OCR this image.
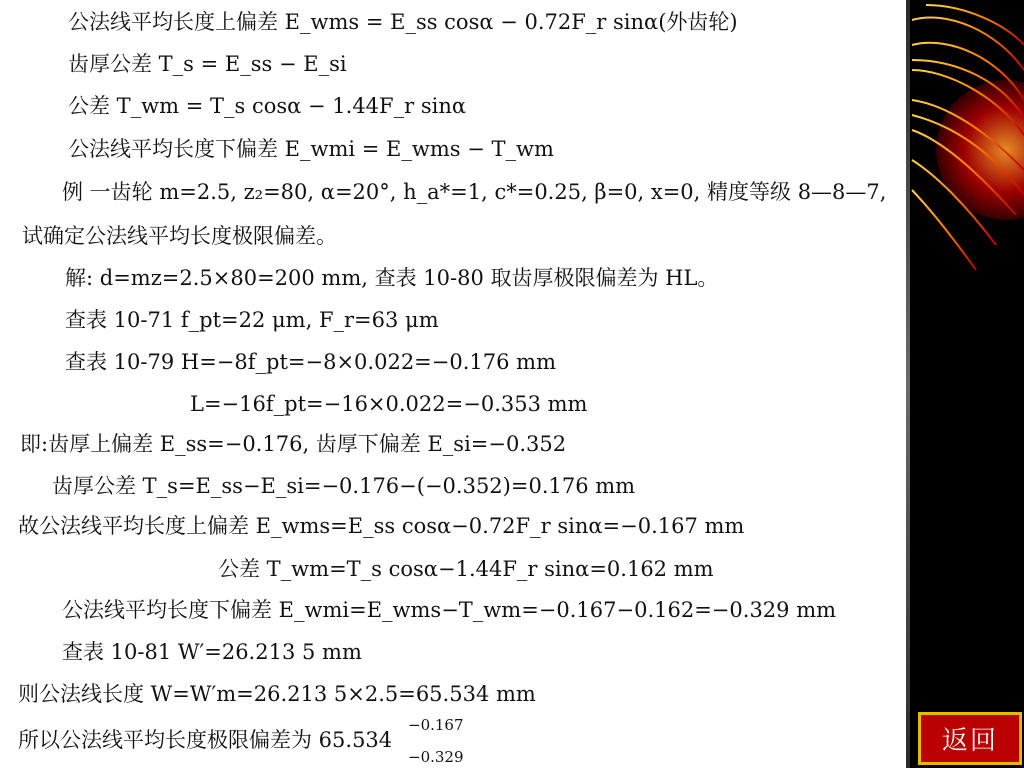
公法线平均长度上偏差 E_wms = E_ss cosα − 0.72F_r sinα(外齿轮)
齿厚公差 T_s = E_ss − E_si
公差 T_wm = T_s cosα − 1.44F_r sinα
公法线平均长度下偏差 E_wmi = E_wms − T_wm
例 一齿轮 m=2.5, z₂=80, α=20°, h_a*=1, c*=0.25, β=0, x=0, 精度等级 8—8—7,
试确定公法线平均长度极限偏差。
解: d=mz=2.5×80=200 mm, 查表 10-80 取齿厚极限偏差为 HL。
查表 10-71 f_pt=22 μm, F_r=63 μm
查表 10-79 H=−8f_pt=−8×0.022=−0.176 mm
L=−16f_pt=−16×0.022=−0.353 mm
即:齿厚上偏差 E_ss=−0.176, 齿厚下偏差 E_si=−0.352
齿厚公差 T_s=E_ss−E_si=−0.176−(−0.352)=0.176 mm
故公法线平均长度上偏差 E_wms=E_ss cosα−0.72F_r sinα=−0.167 mm
公差 T_wm=T_s cosα−1.44F_r sinα=0.162 mm
公法线平均长度下偏差 E_wmi=E_wms−T_wm=−0.167−0.162=−0.329 mm
查表 10-81 W′=26.213 5 mm
则公法线长度 W=W′m=26.213 5×2.5=65.534 mm
所以公法线平均长度极限偏差为 65.534
−0.167
−0.329
返回
